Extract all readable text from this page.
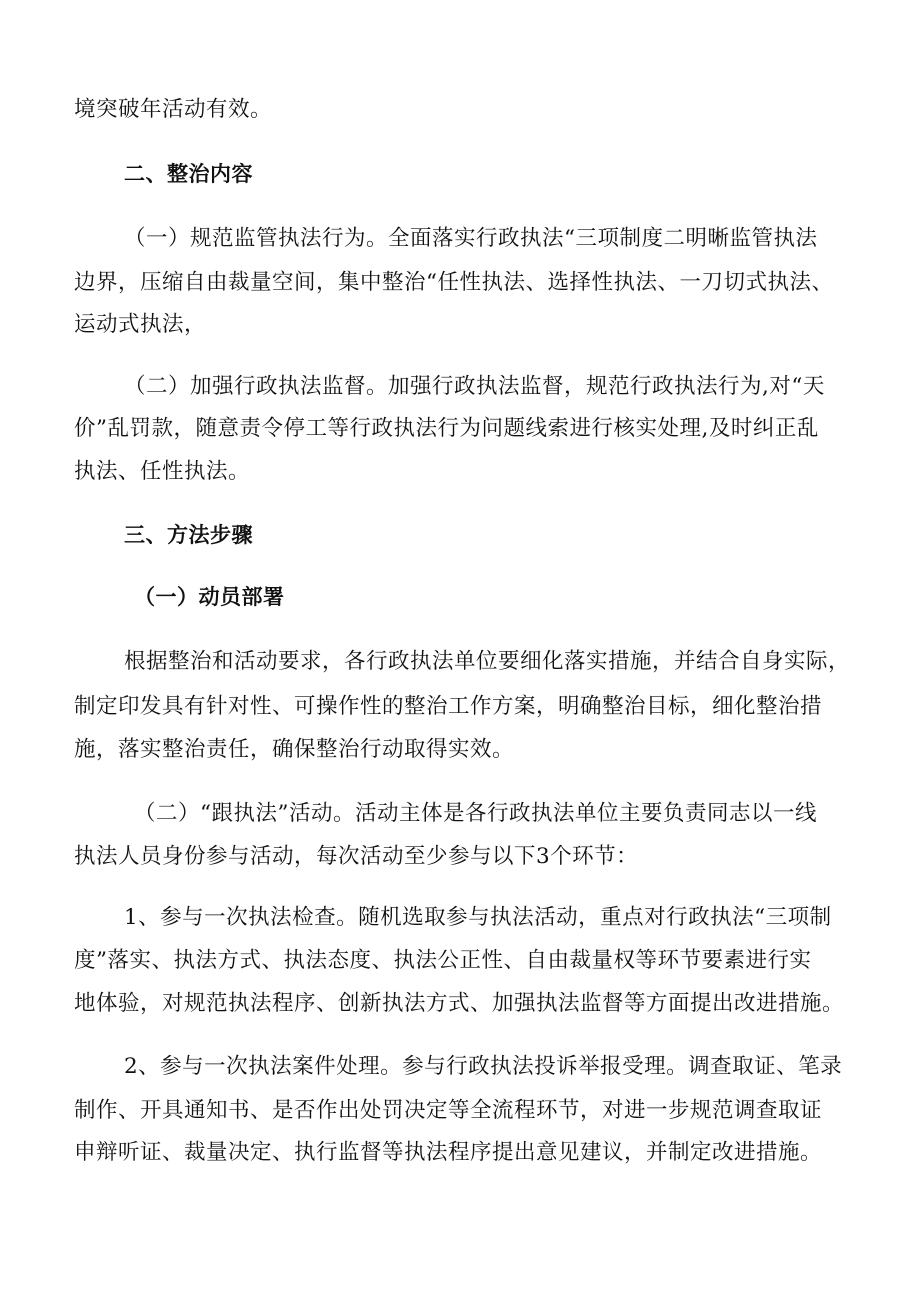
境突破年活动有效。
二、整治内容
（一）规范监管执法行为。全面落实行政执法“三项制度二明晰监管执法
边界，压缩自由裁量空间，集中整治“任性执法、选择性执法、一刀切式执法、
运动式执法，
（二）加强行政执法监督。加强行政执法监督，规范行政执法行为,对“天
价”乱罚款，随意责令停工等行政执法行为问题线索进行核实处理,及时纠正乱
执法、任性执法。
三、方法步骤
（一）动员部署
根据整治和活动要求，各行政执法单位要细化落实措施，并结合自身实际，
制定印发具有针对性、可操作性的整治工作方案，明确整治目标，细化整治措
施，落实整治责任，确保整治行动取得实效。
（二）“跟执法”活动。活动主体是各行政执法单位主要负责同志以一线
执法人员身份参与活动，每次活动至少参与以下3个环节：
1、参与一次执法检查。随机选取参与执法活动，重点对行政执法“三项制
度”落实、执法方式、执法态度、执法公正性、自由裁量权等环节要素进行实
地体验，对规范执法程序、创新执法方式、加强执法监督等方面提出改进措施。
2、参与一次执法案件处理。参与行政执法投诉举报受理。调查取证、笔录
制作、开具通知书、是否作出处罚决定等全流程环节，对进一步规范调查取证
申辩听证、裁量决定、执行监督等执法程序提出意见建议，并制定改进措施。
